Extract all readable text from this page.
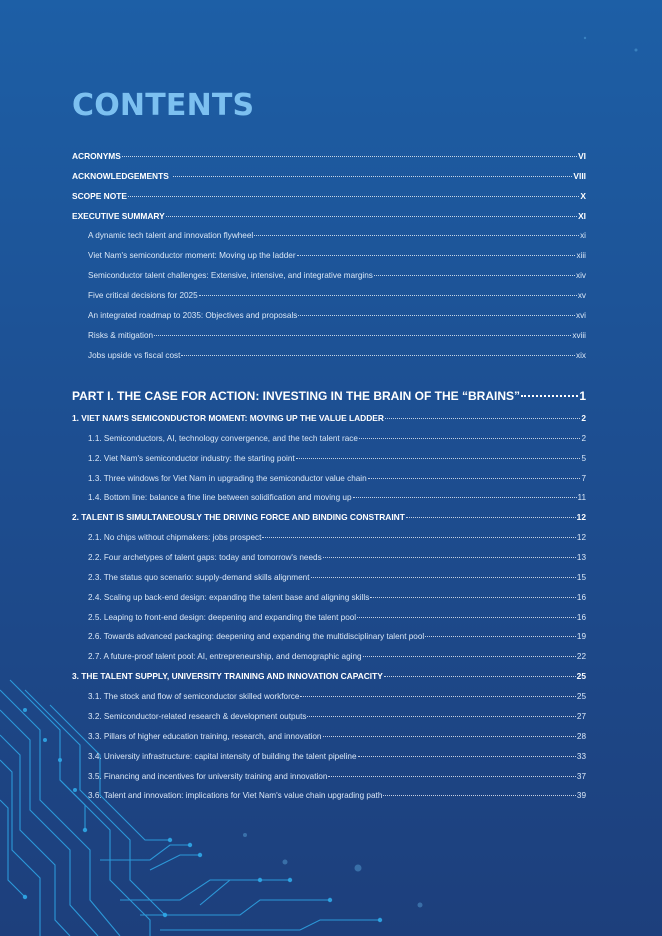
CONTENTS
ACRONYMS	VI
ACKNOWLEDGEMENTS	VIII
SCOPE NOTE	X
EXECUTIVE SUMMARY	XI
A dynamic tech talent and innovation flywheel	xi
Viet Nam's semiconductor moment: Moving up the ladder	xiii
Semiconductor talent challenges: Extensive, intensive, and integrative margins	xiv
Five critical decisions for 2025	xv
An integrated roadmap to 2035: Objectives and proposals	xvi
Risks & mitigation	xviii
Jobs upside vs fiscal cost	xix
PART I. THE CASE FOR ACTION: INVESTING IN THE BRAIN OF THE “BRAINS”	1
1. VIET NAM'S SEMICONDUCTOR MOMENT: MOVING UP THE VALUE LADDER	2
1.1. Semiconductors, AI, technology convergence, and the tech talent race	2
1.2. Viet Nam's semiconductor industry: the starting point	5
1.3. Three windows for Viet Nam in upgrading the semiconductor value chain	7
1.4. Bottom line: balance a fine line between solidification and moving up	11
2. TALENT IS SIMULTANEOUSLY THE DRIVING FORCE AND BINDING CONSTRAINT	12
2.1. No chips without chipmakers: jobs prospect	12
2.2. Four archetypes of talent gaps: today and tomorrow's needs	13
2.3. The status quo scenario: supply-demand skills alignment	15
2.4. Scaling up back-end design: expanding the talent base and aligning skills	16
2.5. Leaping to front-end design: deepening and expanding the talent pool	16
2.6. Towards advanced packaging: deepening and expanding the multidisciplinary talent pool	19
2.7. A future-proof talent pool: AI, entrepreneurship, and demographic aging	22
3. THE TALENT SUPPLY, UNIVERSITY TRAINING AND INNOVATION CAPACITY	25
3.1. The stock and flow of semiconductor skilled workforce	25
3.2. Semiconductor-related research & development outputs	27
3.3. Pillars of higher education training, research, and innovation	28
3.4. University infrastructure: capital intensity of building the talent pipeline	33
3.5. Financing and incentives for university training and innovation	37
3.6. Talent and innovation: implications for Viet Nam's value chain upgrading path	39
